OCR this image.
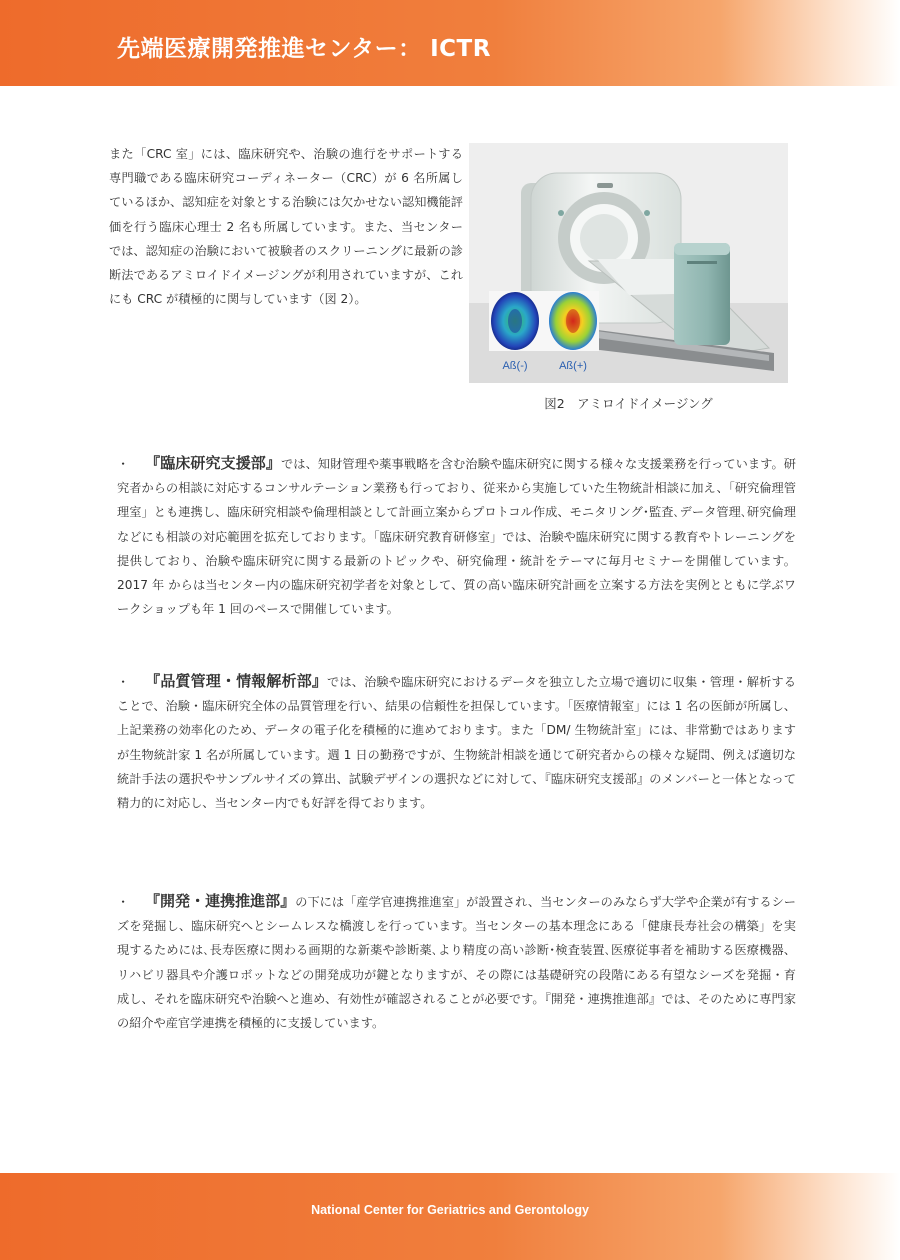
先端医療開発推進センター： ICTR

また「CRC 室」には、臨床研究や、治験の進行をサポートする専門職である臨床研究コーディネーター（CRC）が 6 名所属しているほか、認知症を対象とする治験には欠かせない認知機能評価を行う臨床心理士 2 名も所属しています。また、当センターでは、認知症の治験において被験者のスクリーニングに最新の診断法であるアミロイドイメージングが利用されていますが、これにも CRC が積極的に関与しています（図 2）。

Aß(-)	Aß(+)
図2　アミロイドイメージング

・ 『臨床研究支援部』では、知財管理や薬事戦略を含む治験や臨床研究に関する様々な支援業務を行っています。研究者からの相談に対応するコンサルテーション業務も行っており、従来から実施していた生物統計相談に加え、「研究倫理管理室」とも連携し、臨床研究相談や倫理相談として計画立案からプロトコル作成、モニタリング･監査､データ管理､研究倫理などにも相談の対応範囲を拡充しております。「臨床研究教育研修室」では、治験や臨床研究に関する教育やトレーニングを提供しており、治験や臨床研究に関する最新のトピックや、研究倫理・統計をテーマに毎月セミナーを開催しています。2017 年 からは当センター内の臨床研究初学者を対象として、質の高い臨床研究計画を立案する方法を実例とともに学ぶワークショップも年 1 回のペースで開催しています。

・ 『品質管理・情報解析部』では、治験や臨床研究におけるデータを独立した立場で適切に収集・管理・解析することで、治験・臨床研究全体の品質管理を行い、結果の信頼性を担保しています。「医療情報室」には 1 名の医師が所属し、上記業務の効率化のため、データの電子化を積極的に進めております。また「DM/ 生物統計室」には、非常勤ではありますが生物統計家 1 名が所属しています。週 1 日の勤務ですが、生物統計相談を通じて研究者からの様々な疑問、例えば適切な統計手法の選択やサンプルサイズの算出、試験デザインの選択などに対して、『臨床研究支援部』のメンバーと一体となって精力的に対応し、当センター内でも好評を得ております。

・ 『開発・連携推進部』の下には「産学官連携推進室」が設置され、当センターのみならず大学や企業が有するシーズを発掘し、臨床研究へとシームレスな橋渡しを行っています。当センターの基本理念にある「健康長寿社会の構築」を実現するためには､長寿医療に関わる画期的な新薬や診断薬､より精度の高い診断･検査装置､医療従事者を補助する医療機器、リハビリ器具や介護ロボットなどの開発成功が鍵となりますが、その際には基礎研究の段階にある有望なシーズを発掘・育成し、それを臨床研究や治験へと進め、有効性が確認されることが必要です。『開発・連携推進部』では、そのために専門家の紹介や産官学連携を積極的に支援しています。

National Center for Geriatrics and Gerontology
